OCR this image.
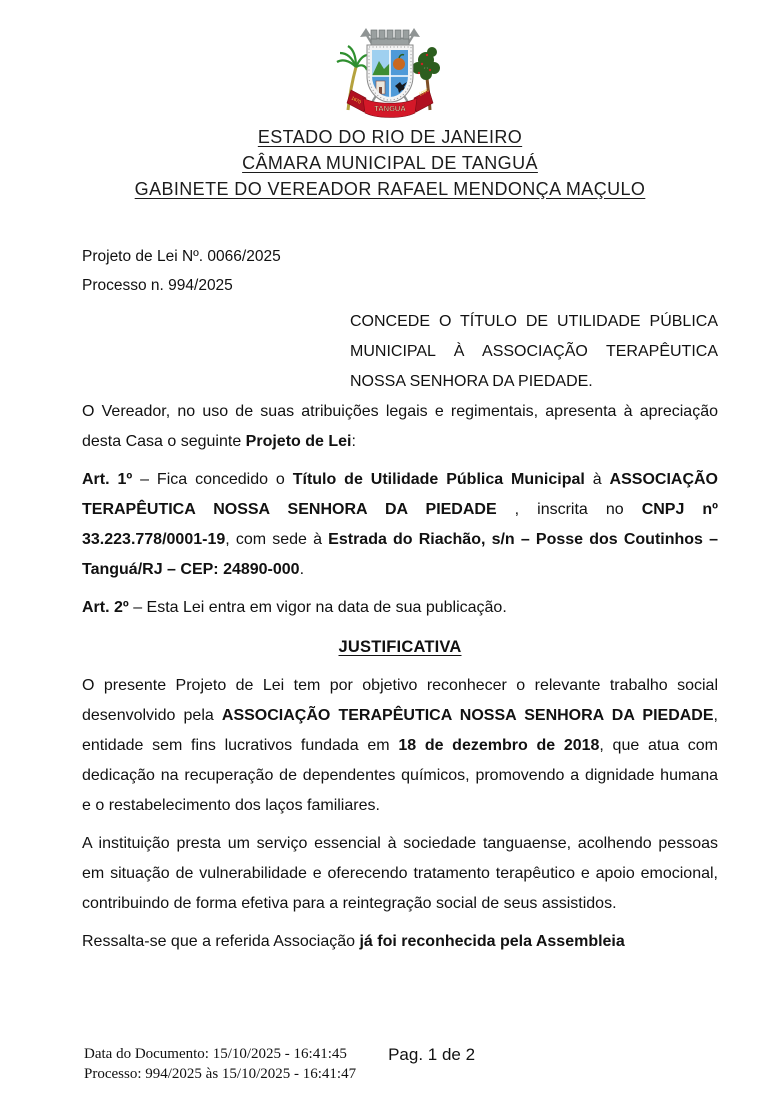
TANGUÁ
1670
1995
ESTADO DO RIO DE JANEIRO
CÂMARA MUNICIPAL DE TANGUÁ
GABINETE DO VEREADOR RAFAEL MENDONÇA MAÇULO

Projeto de Lei Nº. 0066/2025

Processo n. 994/2025

CONCEDE O TÍTULO DE UTILIDADE PÚBLICA MUNICIPAL À ASSOCIAÇÃO TERAPÊUTICA NOSSA SENHORA DA PIEDADE.

O Vereador, no uso de suas atribuições legais e regimentais, apresenta à apreciação desta Casa o seguinte Projeto de Lei:

Art. 1º – Fica concedido o Título de Utilidade Pública Municipal à ASSOCIAÇÃO TERAPÊUTICA NOSSA SENHORA DA PIEDADE , inscrita no CNPJ nº 33.223.778/0001-19, com sede à Estrada do Riachão, s/n – Posse dos Coutinhos – Tanguá/RJ – CEP: 24890-000.

Art. 2º – Esta Lei entra em vigor na data de sua publicação.

JUSTIFICATIVA

O presente Projeto de Lei tem por objetivo reconhecer o relevante trabalho social desenvolvido pela ASSOCIAÇÃO TERAPÊUTICA NOSSA SENHORA DA PIEDADE, entidade sem fins lucrativos fundada em 18 de dezembro de 2018, que atua com dedicação na recuperação de dependentes químicos, promovendo a dignidade humana e o restabelecimento dos laços familiares.

A instituição presta um serviço essencial à sociedade tanguaense, acolhendo pessoas em situação de vulnerabilidade e oferecendo tratamento terapêutico e apoio emocional, contribuindo de forma efetiva para a reintegração social de seus assistidos.

Ressalta-se que a referida Associação já foi reconhecida pela Assembleia

Data do Documento: 15/10/2025 - 16:41:45
Processo: 994/2025 às 15/10/2025 - 16:41:47
Pag. 1 de 2
